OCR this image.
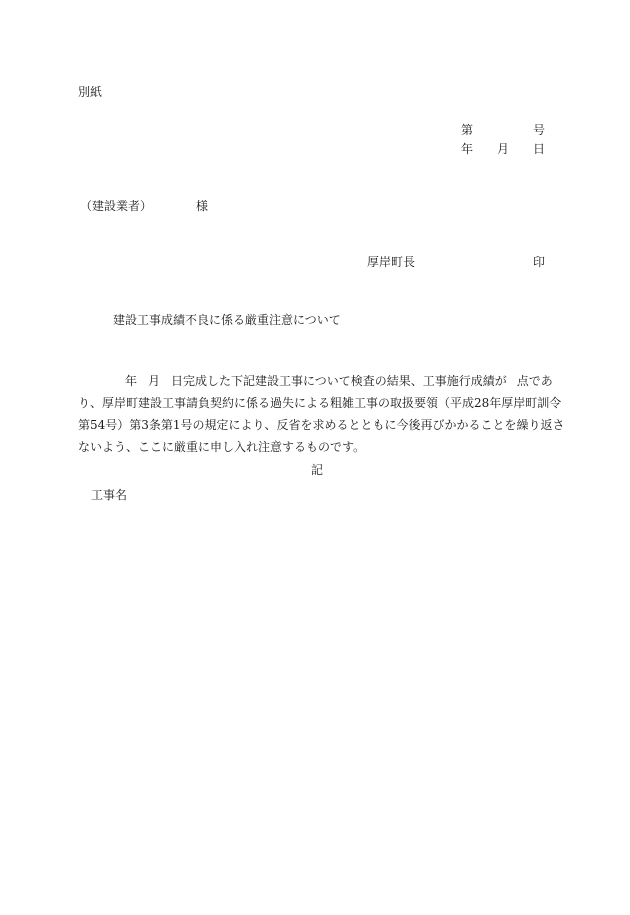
別紙
第	号
年 月 日
（建設業者）	様
厚岸町長	印
建設工事成績不良に係る厳重注意について
年 月 日完成した下記建設工事について検査の結果、工事施行成績が 点であ
り、厚岸町建設工事請負契約に係る過失による粗雑工事の取扱要領（平成28年厚岸町訓令
第54号）第3条第1号の規定により、反省を求めるとともに今後再びかかることを繰り返さ
ないよう、ここに厳重に申し入れ注意するものです。
記
工事名
